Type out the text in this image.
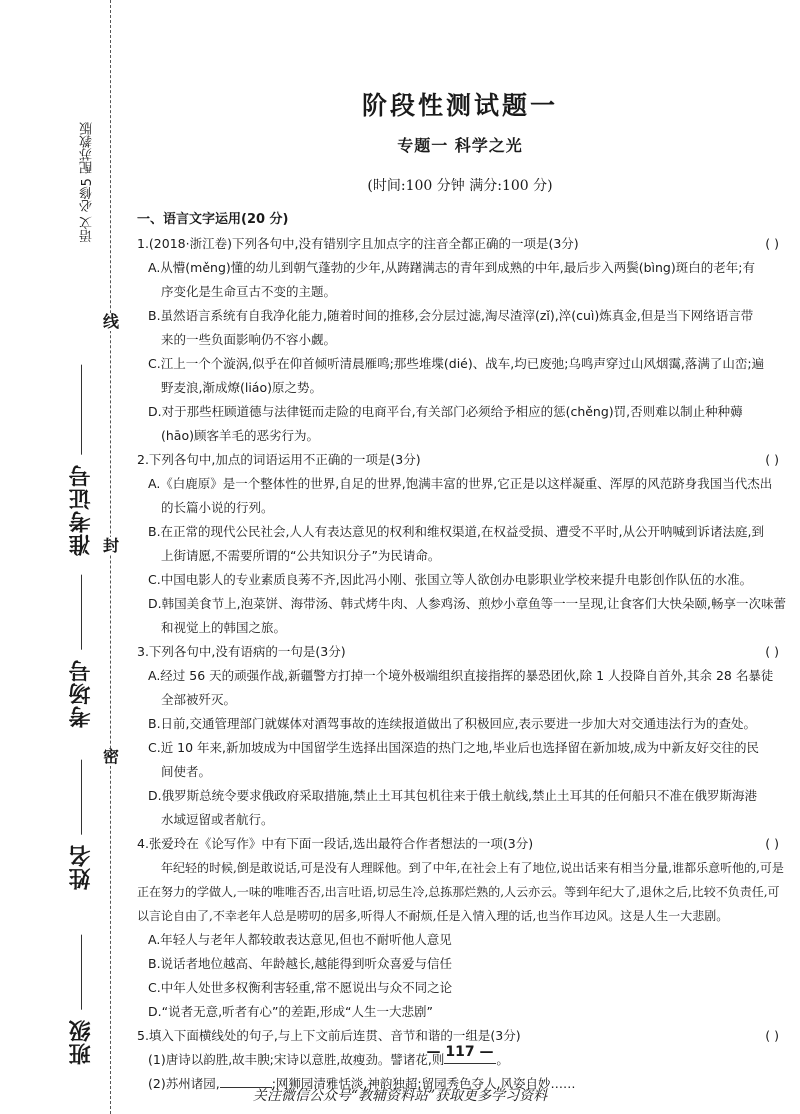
线
封
密
语文 必修5 配苏教版
准考证号
考场号
姓名
班级
阶段性测试题一
专题一 科学之光
(时间:100 分钟 满分:100 分)
一、语言文字运用(20 分)
1.(2018·浙江卷)下列各句中,没有错别字且加点字的注音全都正确的一项是(3分)	( )
A.从懵(měng)懂的幼儿到朝气蓬勃的少年,从踌躇满志的青年到成熟的中年,最后步入两鬓(bìng)斑白的老年;有
序变化是生命亘古不变的主题。
B.虽然语言系统有自我净化能力,随着时间的推移,会分层过滤,淘尽渣滓(zǐ),淬(cuì)炼真金,但是当下网络语言带
来的一些负面影响仍不容小觑。
C.江上一个个漩涡,似乎在仰首倾听清晨雁鸣;那些堆堞(dié)、战车,均已废弛;乌鸣声穿过山风烟霭,落满了山峦;遍
野麦浪,渐成燎(liáo)原之势。
D.对于那些枉顾道德与法律铤而走险的电商平台,有关部门必须给予相应的惩(chěng)罚,否则难以制止种种薅
(hāo)顾客羊毛的恶劣行为。
2.下列各句中,加点的词语运用不正确的一项是(3分)	( )
A.《白鹿原》是一个整体性的世界,自足的世界,饱满丰富的世界,它正是以这样凝重、浑厚的风范跻身我国当代杰出
的长篇小说的行列。
B.在正常的现代公民社会,人人有表达意见的权利和维权渠道,在权益受损、遭受不平时,从公开呐喊到诉诸法庭,到
上街请愿,不需要所谓的“公共知识分子”为民请命。
C.中国电影人的专业素质良莠不齐,因此冯小刚、张国立等人欲创办电影职业学校来提升电影创作队伍的水准。
D.韩国美食节上,泡菜饼、海带汤、韩式烤牛肉、人参鸡汤、煎炒小章鱼等一一呈现,让食客们大快朵颐,畅享一次味蕾
和视觉上的韩国之旅。
3.下列各句中,没有语病的一句是(3分)	( )
A.经过 56 天的顽强作战,新疆警方打掉一个境外极端组织直接指挥的暴恐团伙,除 1 人投降自首外,其余 28 名暴徒
全部被歼灭。
B.日前,交通管理部门就媒体对酒驾事故的连续报道做出了积极回应,表示要进一步加大对交通违法行为的查处。
C.近 10 年来,新加坡成为中国留学生选择出国深造的热门之地,毕业后也选择留在新加坡,成为中新友好交往的民
间使者。
D.俄罗斯总统令要求俄政府采取措施,禁止土耳其包机往来于俄土航线,禁止土耳其的任何船只不准在俄罗斯海港
水域逗留或者航行。
4.张爱玲在《论写作》中有下面一段话,选出最符合作者想法的一项(3分)	( )
年纪轻的时候,倒是敢说话,可是没有人理睬他。到了中年,在社会上有了地位,说出话来有相当分量,谁都乐意听他的,可是正在努力的学做人,一味的唯唯否否,出言吐语,切忌生冷,总拣那烂熟的,人云亦云。等到年纪大了,退休之后,比较不负责任,可以言论自由了,不幸老年人总是唠叨的居多,听得人不耐烦,任是入情入理的话,也当作耳边风。这是人生一大悲剧。
A.年轻人与老年人都较敢表达意见,但也不耐听他人意见
B.说话者地位越高、年龄越长,越能得到听众喜爱与信任
C.中年人处世多权衡利害轻重,常不愿说出与众不同之论
D.“说者无意,听者有心”的差距,形成“人生一大悲剧”
5.填入下面横线处的句子,与上下文前后连贯、音节和谐的一组是(3分)	( )
(1)唐诗以韵胜,故丰腴;宋诗以意胜,故瘦劲。譬诸花,则	。
(2)苏州诸园,	;网狮园清雅恬淡,神韵独超;留园秀色夺人,风姿自妙……
— 117 —
关注微信公众号“教辅资料站”获取更多学习资料
